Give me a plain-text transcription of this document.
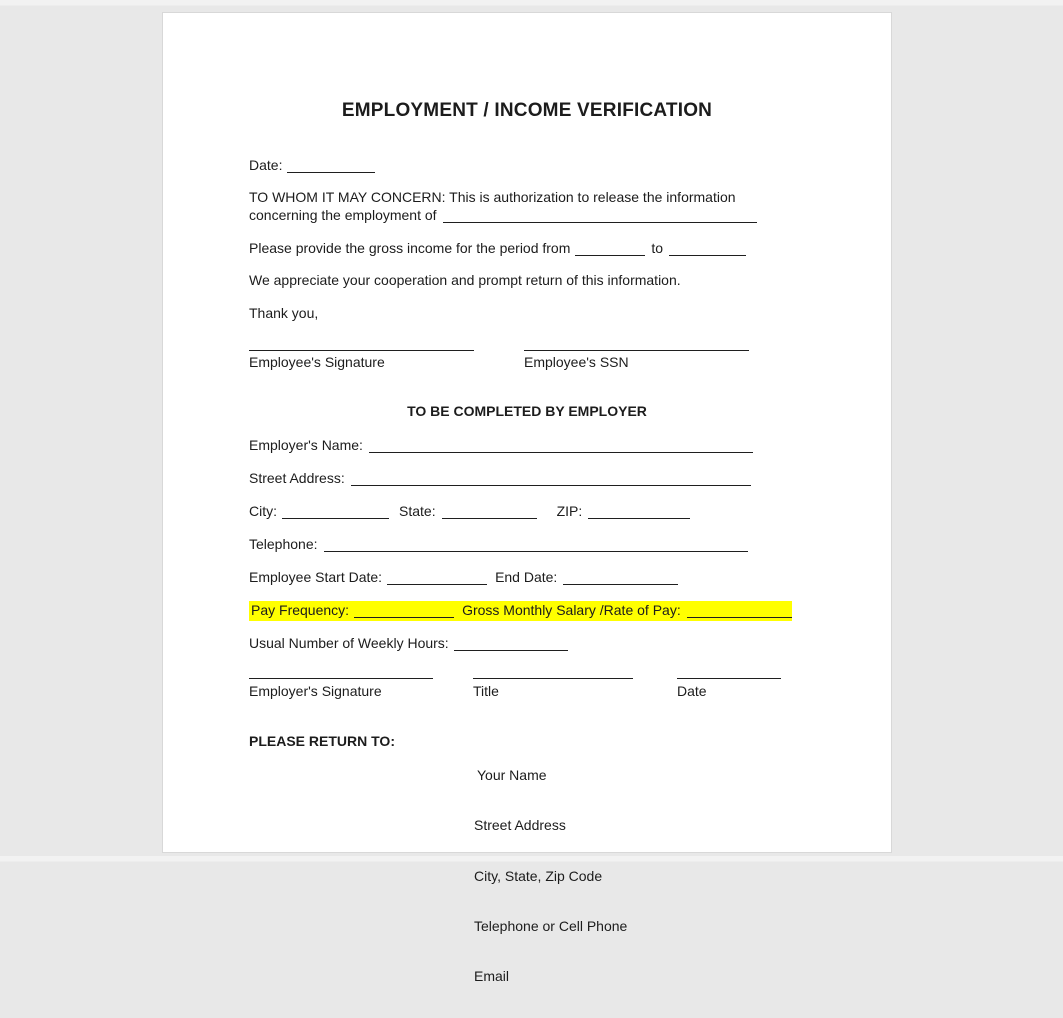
EMPLOYMENT / INCOME VERIFICATION
Date:
TO WHOM IT MAY CONCERN: This is authorization to release the information
concerning the employment of
Please provide the gross income for the period from	to
We appreciate your cooperation and prompt return of this information.
Thank you,
Employee's Signature	Employee's SSN
TO BE COMPLETED BY EMPLOYER
Employer's Name:
Street Address:
City:	State:	ZIP:
Telephone:
Employee Start Date:	End Date:
Pay Frequency:	Gross Monthly Salary /Rate of Pay:
Usual Number of Weekly Hours:
Employer's Signature	Title	Date
PLEASE RETURN TO:

Your Name

Street Address

City, State, Zip Code

Telephone or Cell Phone

Email
